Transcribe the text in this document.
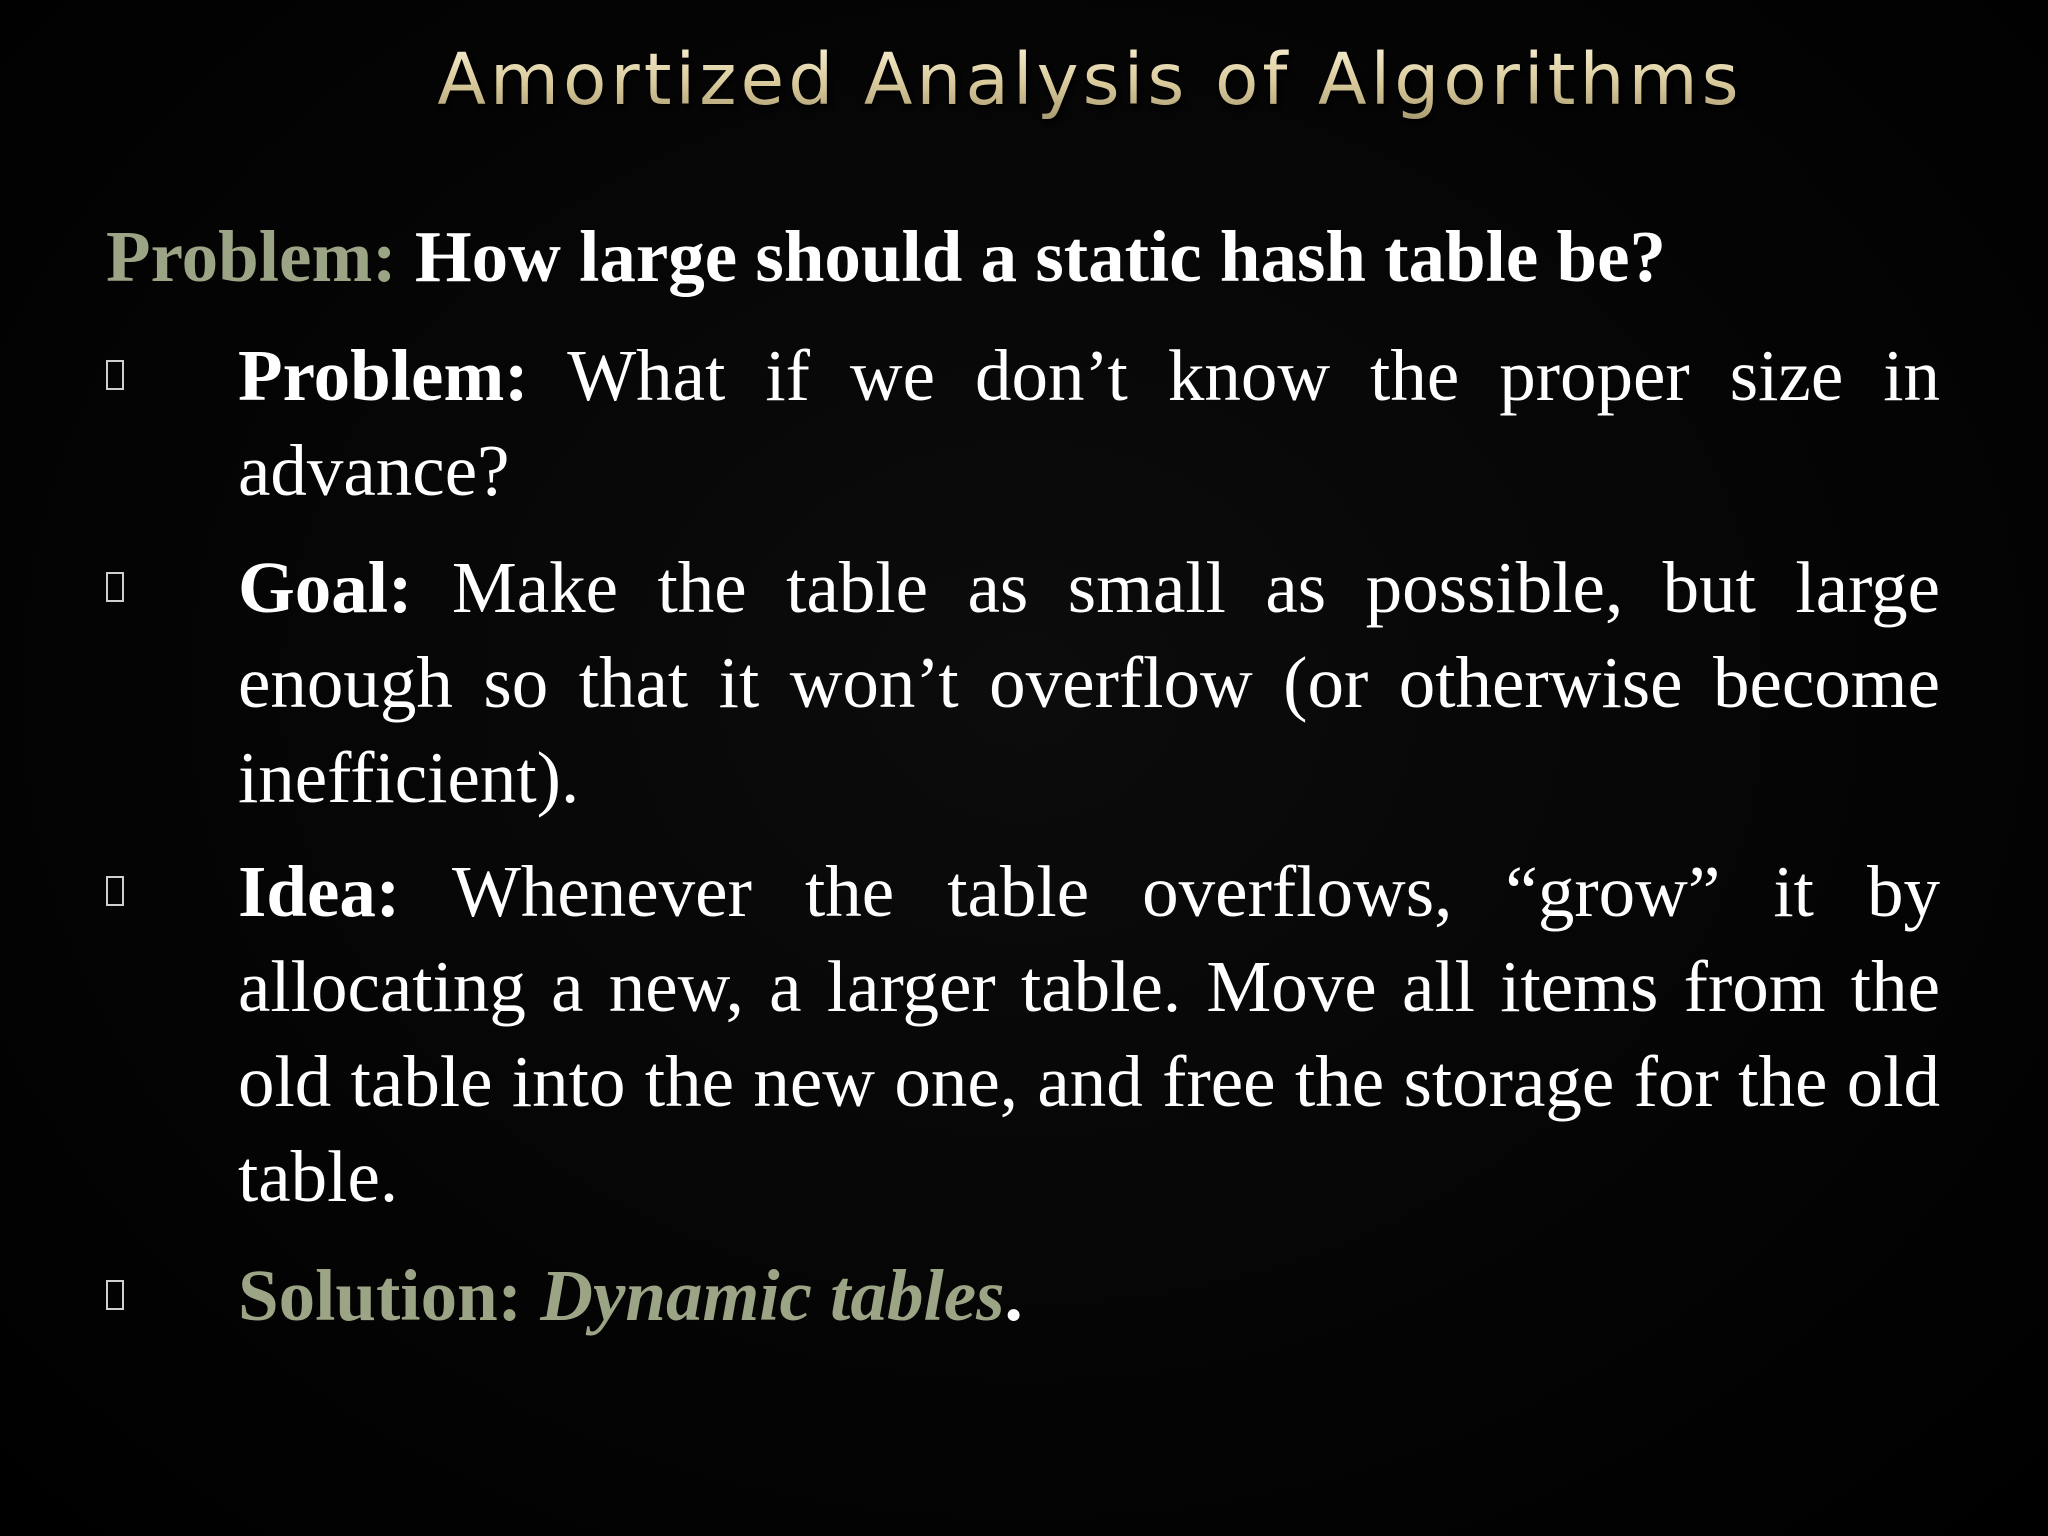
Amortized Analysis of Algorithms
Problem: How large should a static hash table be?
Problem: What if we don’t know the proper size in advance?
Goal: Make the table as small as possible, but large enough so that it won’t overflow (or otherwise become inefficient).
Idea: Whenever the table overflows, “grow” it by allocating a new, a larger table. Move all items from the old table into the new one, and free the storage for the old table.
Solution: Dynamic tables.
